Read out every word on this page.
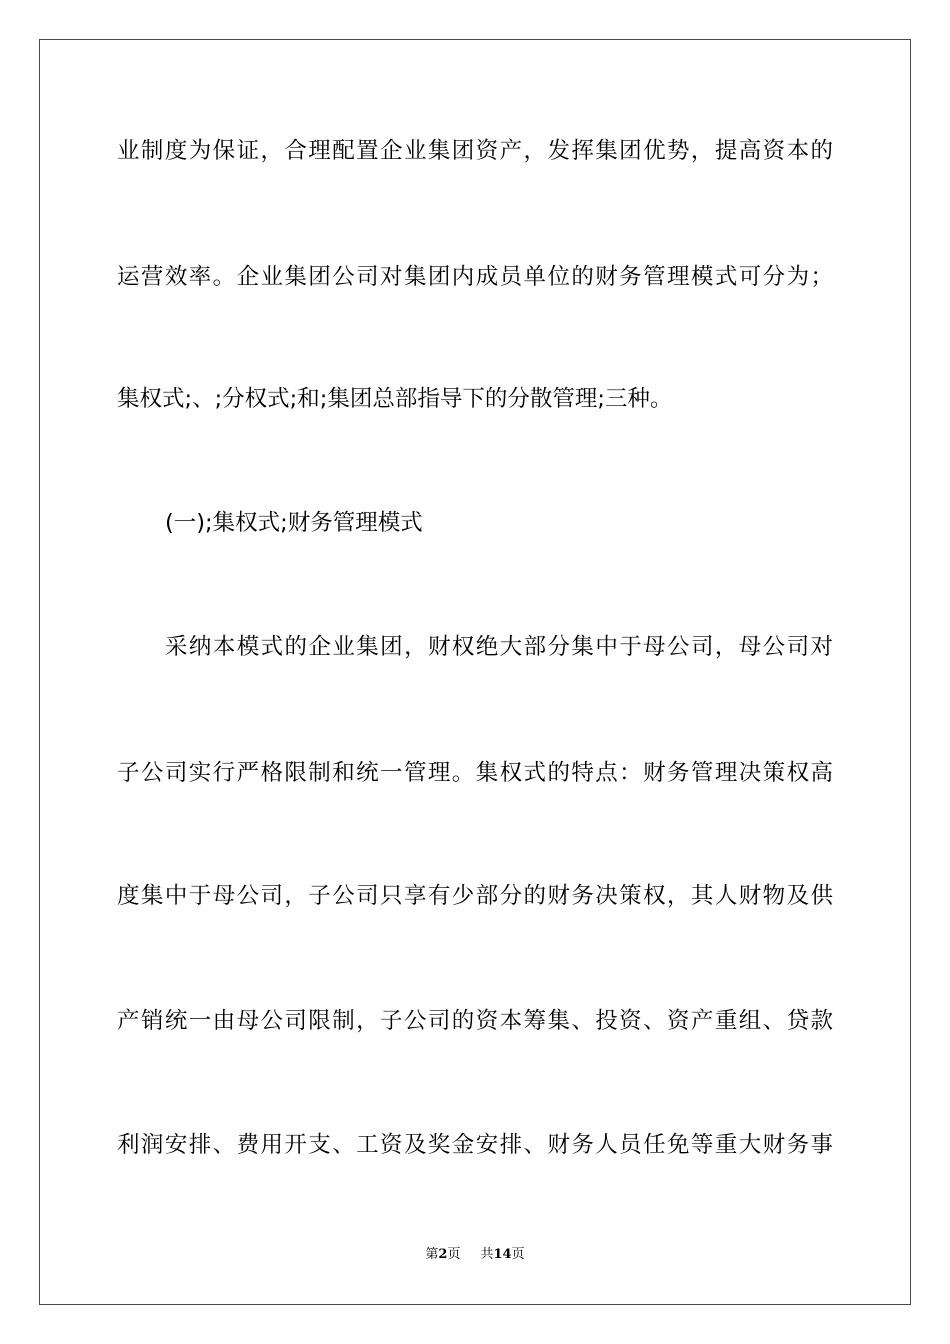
业制度为保证，合理配置企业集团资产，发挥集团优势，提高资本的
运营效率。企业集团公司对集团内成员单位的财务管理模式可分为；
集权式;、;分权式;和;集团总部指导下的分散管理;三种。
(一);集权式;财务管理模式
采纳本模式的企业集团，财权绝大部分集中于母公司，母公司对
子公司实行严格限制和统一管理。集权式的特点：财务管理决策权高
度集中于母公司，子公司只享有少部分的财务决策权，其人财物及供
产销统一由母公司限制，子公司的资本筹集、投资、资产重组、贷款
利润安排、费用开支、工资及奖金安排、财务人员任免等重大财务事
第2页 共14页
